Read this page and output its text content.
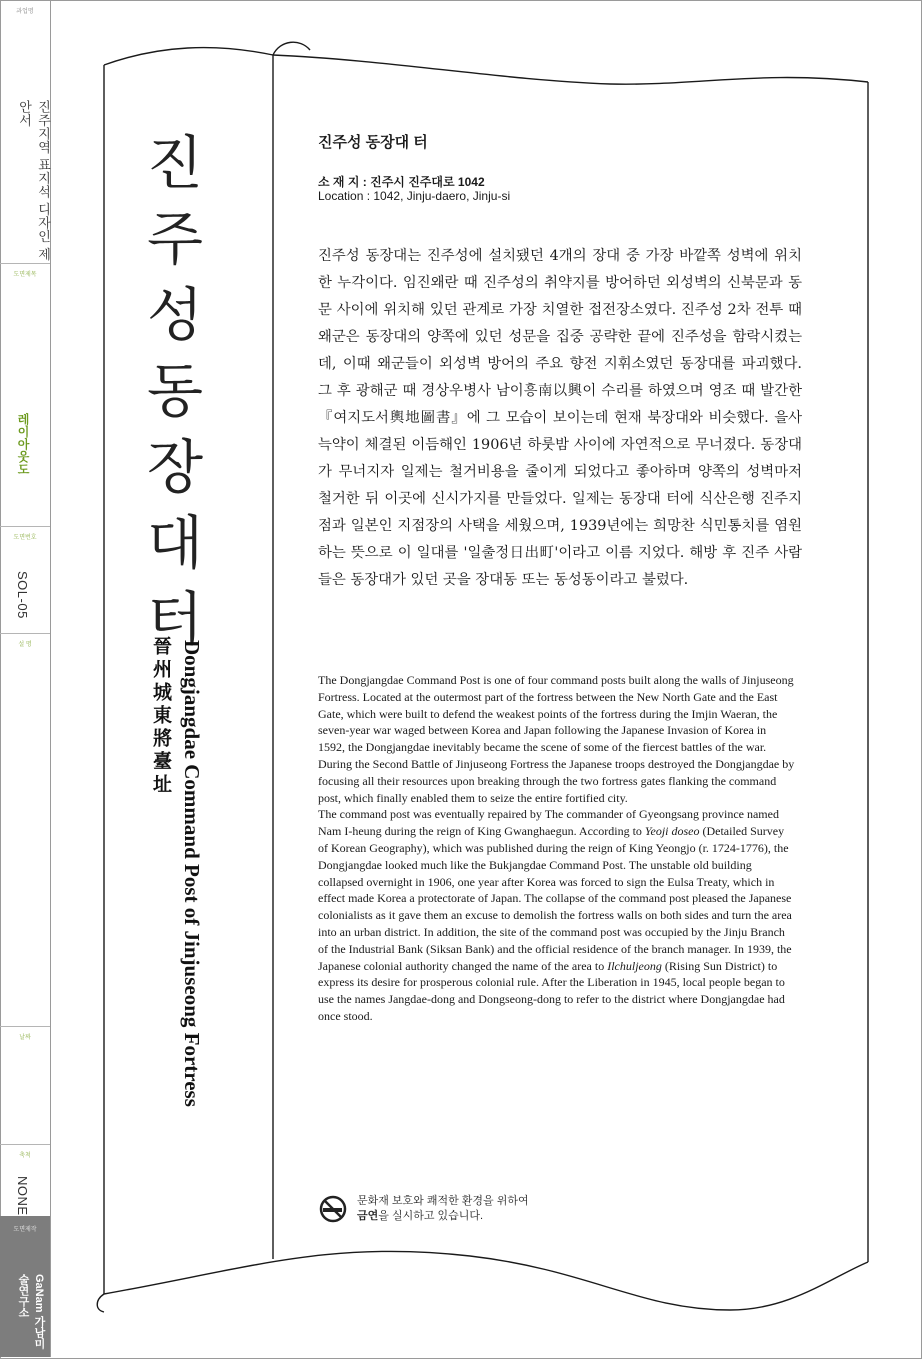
과업명
진주지역 표지석 디자인 제안서
도면제목
레이아웃도
도면번호
SOL-05
설 명
날짜
축척
NONE
도면제작
GaNam 가남미술연구소
진
주
성
동
장
대
터
晉州城東將臺址 Dongjangdae Command Post of Jinjuseong Fortress
진주성 동장대 터
소 재 지 : 진주시 진주대로 1042
Location : 1042, Jinju-daero, Jinju-si
진주성 동장대는 진주성에 설치됐던 4개의 장대 중 가장 바깥쪽 성벽에 위치한 누각이다. 임진왜란 때 진주성의 취약지를 방어하던 외성벽의 신북문과 동문 사이에 위치해 있던 관계로 가장 치열한 접전장소였다. 진주성 2차 전투 때 왜군은 동장대의 양쪽에 있던 성문을 집중 공략한 끝에 진주성을 함락시켰는데, 이때 왜군들이 외성벽 방어의 주요 향전 지휘소였던 동장대를 파괴했다. 그 후 광해군 때 경상우병사 남이흥南以興이 수리를 하였으며 영조 때 발간한『여지도서輿地圖書』에 그 모습이 보이는데 현재 북장대와 비슷했다. 을사늑약이 체결된 이듬해인 1906년 하룻밤 사이에 자연적으로 무너졌다. 동장대가 무너지자 일제는 철거비용을 줄이게 되었다고 좋아하며 양쪽의 성벽마저 철거한 뒤 이곳에 신시가지를 만들었다. 일제는 동장대 터에 식산은행 진주지점과 일본인 지점장의 사택을 세웠으며, 1939년에는 희망찬 식민통치를 염원하는 뜻으로 이 일대를 '일출정日出町'이라고 이름 지었다. 해방 후 진주 사람들은 동장대가 있던 곳을 장대동 또는 동성동이라고 불렀다.

The Dongjangdae Command Post is one of four command posts built along the walls of Jinjuseong Fortress. Located at the outermost part of the fortress between the New North Gate and the East Gate, which were built to defend the weakest points of the fortress during the Imjin Waeran, the seven-year war waged between Korea and Japan following the Japanese Invasion of Korea in 1592, the Dongjangdae inevitably became the scene of some of the fiercest battles of the war. During the Second Battle of Jinjuseong Fortress the Japanese troops destroyed the Dongjangdae by focusing all their resources upon breaking through the two fortress gates flanking the command post, which finally enabled them to seize the entire fortified city.

The command post was eventually repaired by The commander of Gyeongsang province named Nam I-heung during the reign of King Gwanghaegun. According to Yeoji doseo (Detailed Survey of Korean Geography), which was published during the reign of King Yeongjo (r. 1724-1776), the Dongjangdae looked much like the Bukjangdae Command Post. The unstable old building collapsed overnight in 1906, one year after Korea was forced to sign the Eulsa Treaty, which in effect made Korea a protectorate of Japan. The collapse of the command post pleased the Japanese colonialists as it gave them an excuse to demolish the fortress walls on both sides and turn the area into an urban district. In addition, the site of the command post was occupied by the Jinju Branch of the Industrial Bank (Siksan Bank) and the official residence of the branch manager. In 1939, the Japanese colonial authority changed the name of the area to Ilchuljeong (Rising Sun District) to express its desire for prosperous colonial rule. After the Liberation in 1945, local people began to use the names Jangdae-dong and Dongseong-dong to refer to the district where Dongjangdae had once stood.

문화재 보호와 쾌적한 환경을 위하여
금연을 실시하고 있습니다.
